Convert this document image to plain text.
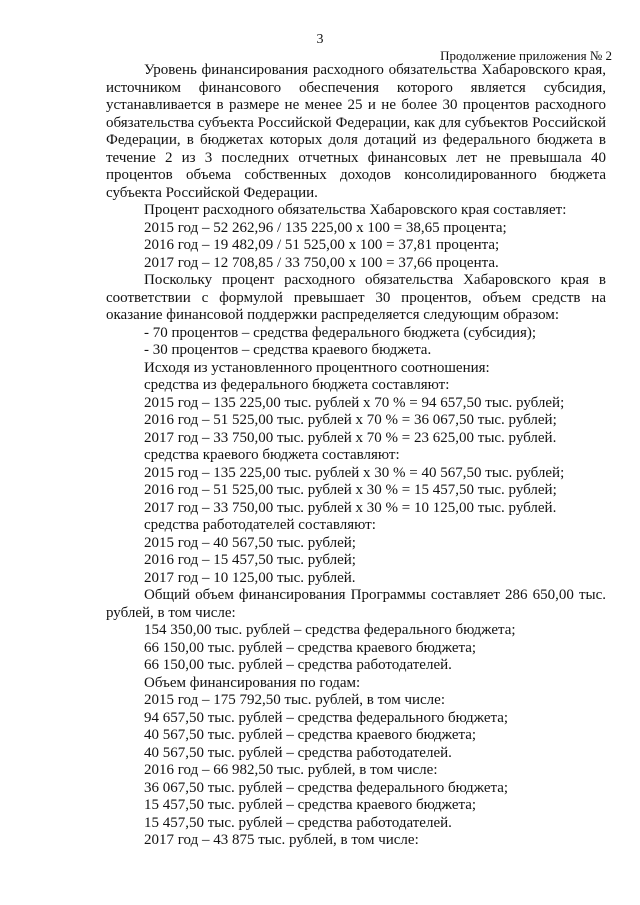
3
Продолжение приложения № 2

Уровень финансирования расходного обязательства Хабаровского края, источником финансового обеспечения которого является субсидия, устанавливается в размере не менее 25 и не более 30 процентов расходного обязательства субъекта Российской Федерации, как для субъектов Российской Федерации, в бюджетах которых доля дотаций из федерального бюджета в течение 2 из 3 последних отчетных финансовых лет не превышала 40 процентов объема собственных доходов консолидированного бюджета субъекта Российской Федерации.

Процент расходного обязательства Хабаровского края составляет:

2015 год – 52 262,96 / 135 225,00 х 100 = 38,65 процента;

2016 год – 19 482,09 / 51 525,00 х 100 = 37,81 процента;

2017 год – 12 708,85 / 33 750,00 х 100 = 37,66 процента.

Поскольку процент расходного обязательства Хабаровского края в соответствии с формулой превышает 30 процентов, объем средств на оказание финансовой поддержки распределяется следующим образом:

- 70 процентов – средства федерального бюджета (субсидия);

- 30 процентов – средства краевого бюджета.

Исходя из установленного процентного соотношения:

средства из федерального бюджета составляют:

2015 год – 135 225,00 тыс. рублей х 70 % = 94 657,50 тыс. рублей;

2016 год – 51 525,00 тыс. рублей х 70 % = 36 067,50 тыс. рублей;

2017 год – 33 750,00 тыс. рублей х 70 % = 23 625,00 тыс. рублей.

средства краевого бюджета составляют:

2015 год – 135 225,00 тыс. рублей х 30 % = 40 567,50 тыс. рублей;

2016 год – 51 525,00 тыс. рублей х 30 % = 15 457,50 тыс. рублей;

2017 год – 33 750,00 тыс. рублей х 30 % = 10 125,00 тыс. рублей.

средства работодателей составляют:

2015 год – 40 567,50 тыс. рублей;

2016 год – 15 457,50 тыс. рублей;

2017 год – 10 125,00 тыс. рублей.

Общий объем финансирования Программы составляет 286 650,00 тыс. рублей, в том числе:

154 350,00 тыс. рублей – средства федерального бюджета;

66 150,00 тыс. рублей – средства краевого бюджета;

66 150,00 тыс. рублей – средства работодателей.

Объем финансирования по годам:

2015 год – 175 792,50 тыс. рублей, в том числе:

94 657,50 тыс. рублей – средства федерального бюджета;

40 567,50 тыс. рублей – средства краевого бюджета;

40 567,50 тыс. рублей – средства работодателей.

2016 год – 66 982,50 тыс. рублей, в том числе:

36 067,50 тыс. рублей – средства федерального бюджета;

15 457,50 тыс. рублей – средства краевого бюджета;

15 457,50 тыс. рублей – средства работодателей.

2017 год – 43 875 тыс. рублей, в том числе:
